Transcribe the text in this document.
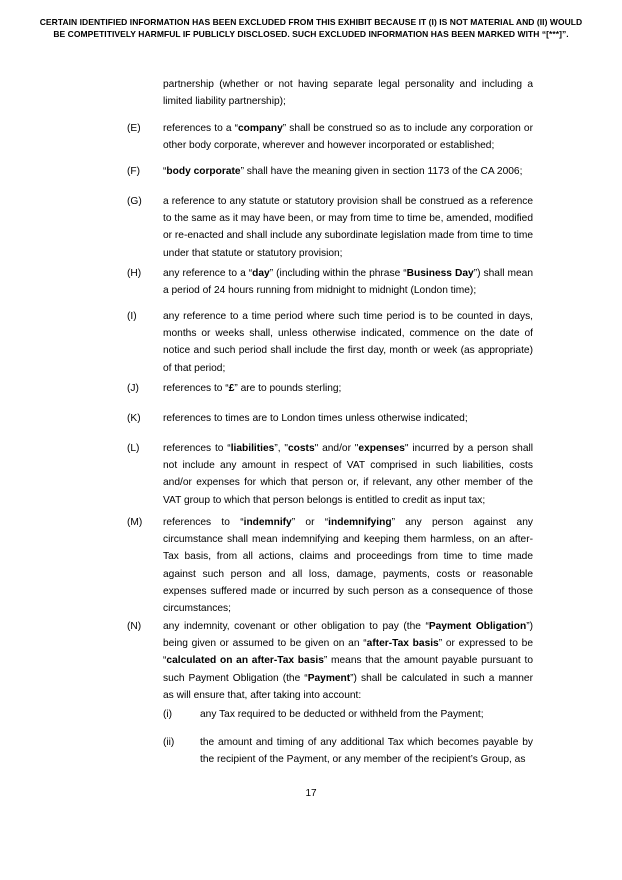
CERTAIN IDENTIFIED INFORMATION HAS BEEN EXCLUDED FROM THIS EXHIBIT BECAUSE IT (I) IS NOT MATERIAL AND (II) WOULD
BE COMPETITIVELY HARMFUL IF PUBLICLY DISCLOSED. SUCH EXCLUDED INFORMATION HAS BEEN MARKED WITH “[***]”.
partnership (whether or not having separate legal personality and including a limited liability partnership);
(E) references to a “company” shall be construed so as to include any corporation or other body corporate, wherever and however incorporated or established;
(F) “body corporate” shall have the meaning given in section 1173 of the CA 2006;
(G) a reference to any statute or statutory provision shall be construed as a reference to the same as it may have been, or may from time to time be, amended, modified or re-enacted and shall include any subordinate legislation made from time to time under that statute or statutory provision;
(H) any reference to a “day” (including within the phrase “Business Day”) shall mean a period of 24 hours running from midnight to midnight (London time);
(I)	any reference to a time period where such time period is to be counted in days, months or weeks shall, unless otherwise indicated, commence on the date of notice and such period shall include the first day, month or week (as appropriate) of that period;
(J) references to “£” are to pounds sterling;
(K) references to times are to London times unless otherwise indicated;
(L) references to “liabilities”, "costs" and/or "expenses" incurred by a person shall not include any amount in respect of VAT comprised in such liabilities, costs and/or expenses for which that person or, if relevant, any other member of the VAT group to which that person belongs is entitled to credit as input tax;
(M) references to “indemnify” or “indemnifying” any person against any circumstance shall mean indemnifying and keeping them harmless, on an after-Tax basis, from all actions, claims and proceedings from time to time made against such person and all loss, damage, payments, costs or reasonable expenses suffered made or incurred by such person as a consequence of those circumstances;
(N) any indemnity, covenant or other obligation to pay (the “Payment Obligation”) being given or assumed to be given on an “after-Tax basis” or expressed to be “calculated on an after-Tax basis” means that the amount payable pursuant to such Payment Obligation (the “Payment”) shall be calculated in such a manner as will ensure that, after taking into account:
(i)	any Tax required to be deducted or withheld from the Payment;
(ii)	the amount and timing of any additional Tax which becomes payable by the recipient of the Payment, or any member of the recipient’s Group, as
17
